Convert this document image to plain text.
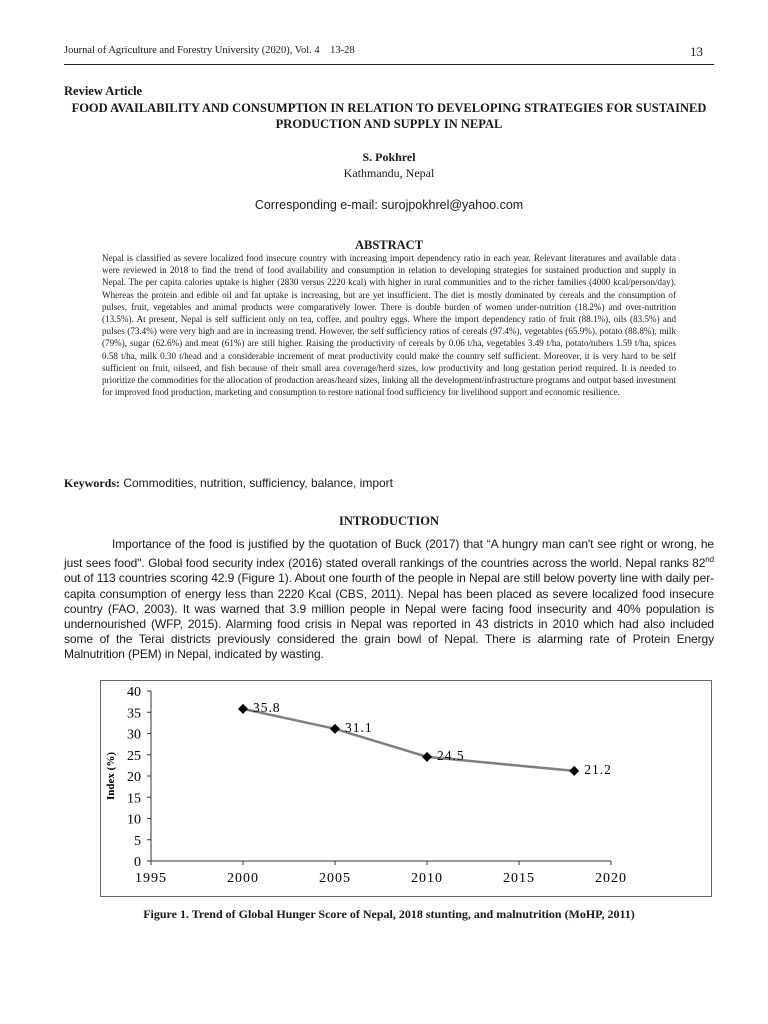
Journal of Agriculture and Forestry University (2020), Vol. 4    13-28	13
Review Article
FOOD AVAILABILITY AND CONSUMPTION IN RELATION TO DEVELOPING STRATEGIES FOR SUSTAINED PRODUCTION AND SUPPLY IN NEPAL
S. Pokhrel
Kathmandu, Nepal
Corresponding e-mail: surojpokhrel@yahoo.com
ABSTRACT
Nepal is classified as severe localized food insecure country with increasing import dependency ratio in each year. Relevant literatures and available data were reviewed in 2018 to find the trend of food availability and consumption in relation to developing strategies for sustained production and supply in Nepal. The per capita calories uptake is higher (2830 versus 2220 kcal) with higher in rural communities and to the richer families (4000 kcal/person/day). Whereas the protein and edible oil and fat uptake is increasing, but are yet insufficient. The diet is mostly dominated by cereals and the consumption of pulses, fruit, vegetables and animal products were comparatively lower. There is double burden of women under-nutrition (18.2%) and over-nutrition (13.5%). At present, Nepal is self sufficient only on tea, coffee, and poultry eggs. Where the import dependency ratio of fruit (88.1%), oils (83.5%) and pulses (73.4%) were very high and are in increasing trend. However, the self sufficiency ratios of cereals (97.4%), vegetables (65.9%), potato (88.8%), milk (79%), sugar (62.6%) and meat (61%) are still higher. Raising the productivity of cereals by 0.06 t/ha, vegetables 3.49 t/ha, potato/tubers 1.59 t/ha, spices 0.58 t/ha, milk 0.30 t/head and a considerable increment of meat productivity could make the country self sufficient. Moreover, it is very hard to be self sufficient on fruit, oilseed, and fish because of their small area coverage/herd sizes, low productivity and long gestation period required. It is needed to prioritize the commodities for the allocation of production areas/heard sizes, linking all the development/infrastructure programs and output based investment for improved food production, marketing and consumption to restore national food sufficiency for livelihood support and economic resilience.
Keywords: Commodities, nutrition, sufficiency, balance, import
INTRODUCTION
Importance of the food is justified by the quotation of Buck (2017) that “A hungry man can't see right or wrong, he just sees food". Global food security index (2016) stated overall rankings of the countries across the world. Nepal ranks 82nd out of 113 countries scoring 42.9 (Figure 1). About one fourth of the people in Nepal are still below poverty line with daily per-capita consumption of energy less than 2220 Kcal (CBS, 2011). Nepal has been placed as severe localized food insecure country (FAO, 2003). It was warned that 3.9 million people in Nepal were facing food insecurity and 40% population is undernourished (WFP, 2015). Alarming food crisis in Nepal was reported in 43 districts in 2010 which had also included some of the Terai districts previously considered the grain bowl of Nepal. There is alarming rate of Protein Energy Malnutrition (PEM) in Nepal, indicated by wasting.
0
5
10
15
20
25
30
35
40
1995	2000	2005	2010	2015	2020
Index (%)
35.8
31.1
24.5
21.2
Figure 1. Trend of Global Hunger Score of Nepal, 2018 stunting, and malnutrition (MoHP, 2011)
